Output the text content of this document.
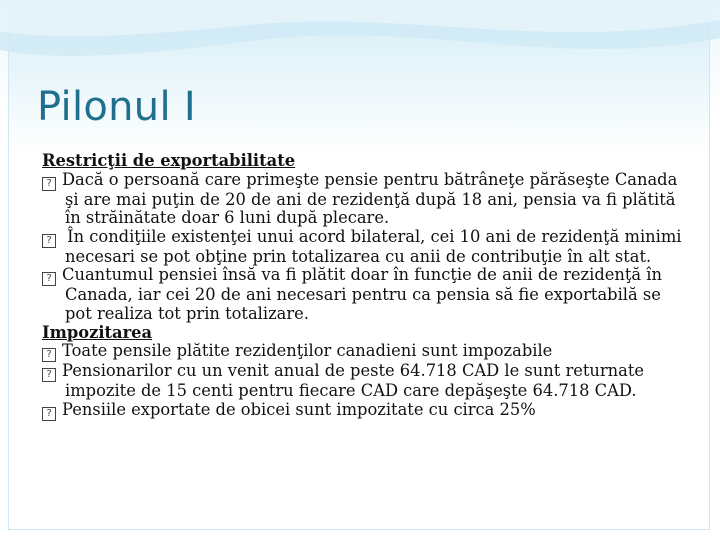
Pilonul I

Restricţii de exportabilitate

? Dacă o persoană care primeşte pensie pentru bătrâneţe părăseşte Canada şi are mai puţin de 20 de ani de rezidenţă după 18 ani, pensia va fi plătită în străinătate doar 6 luni după plecare.

? În condiţiile existenţei unui acord bilateral, cei 10 ani de rezidenţă minimi necesari se pot obţine prin totalizarea cu anii de contribuţie în alt stat.

? Cuantumul pensiei însă va fi plătit doar în funcţie de anii de rezidenţă în Canada, iar cei 20 de ani necesari pentru ca pensia să fie exportabilă se pot realiza tot prin totalizare.

Impozitarea

? Toate pensile plătite rezidenţilor canadieni sunt impozabile

? Pensionarilor cu un venit anual de peste 64.718 CAD le sunt returnate impozite de 15 centi pentru fiecare CAD care depăşeşte 64.718 CAD.

? Pensiile exportate de obicei sunt impozitate cu circa 25%
